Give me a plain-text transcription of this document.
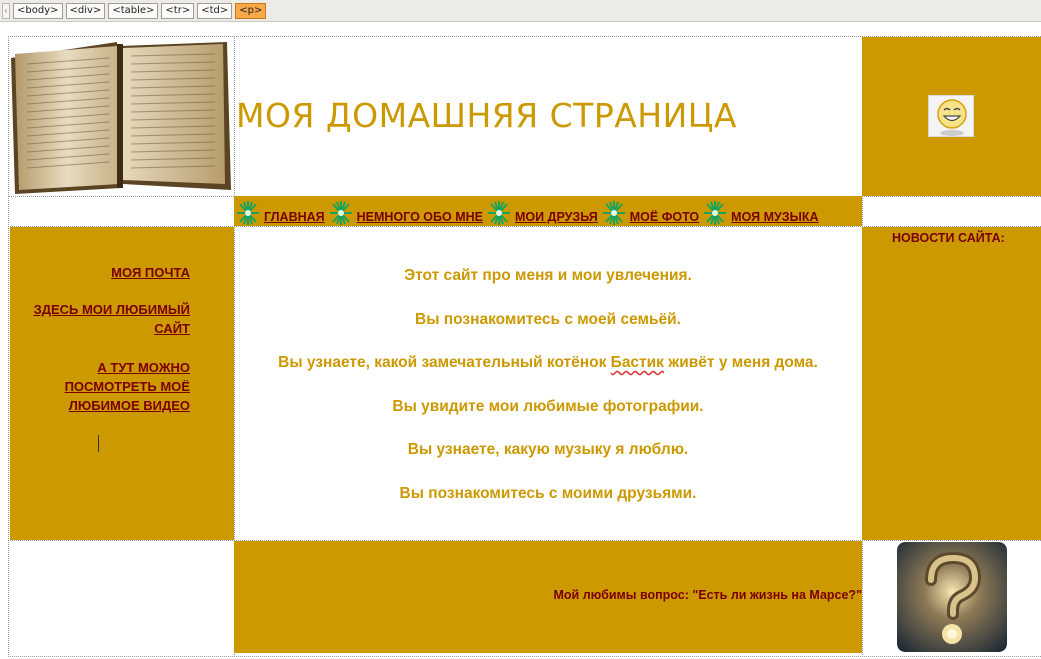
‹ <body>	<div>	<table>	<tr>	<td>	<p>
МОЯ ДОМАШНЯЯ СТРАНИЦА
ГЛАВНАЯ	НЕМНОГО ОБО МНЕ	МОИ ДРУЗЬЯ	МОЁ ФОТО	МОЯ МУЗЫКА
МОЯ ПОЧТА
ЗДЕСЬ МОИ ЛЮБИМЫЙ САЙТ
А ТУТ МОЖНО ПОСМОТРЕТЬ МОЁ ЛЮБИМОЕ ВИДЕО

Этот сайт про меня и мои увлечения.

Вы познакомитесь с моей семьёй.

Вы узнаете, какой замечательный котёнок Бастик живёт у меня дома.

Вы увидите мои любимые фотографии.

Вы узнаете, какую музыку я люблю.

Вы познакомитесь с моими друзьями.

НОВОСТИ САЙТА:
Мой любимы вопрос: "Есть ли жизнь на Марсе?"
